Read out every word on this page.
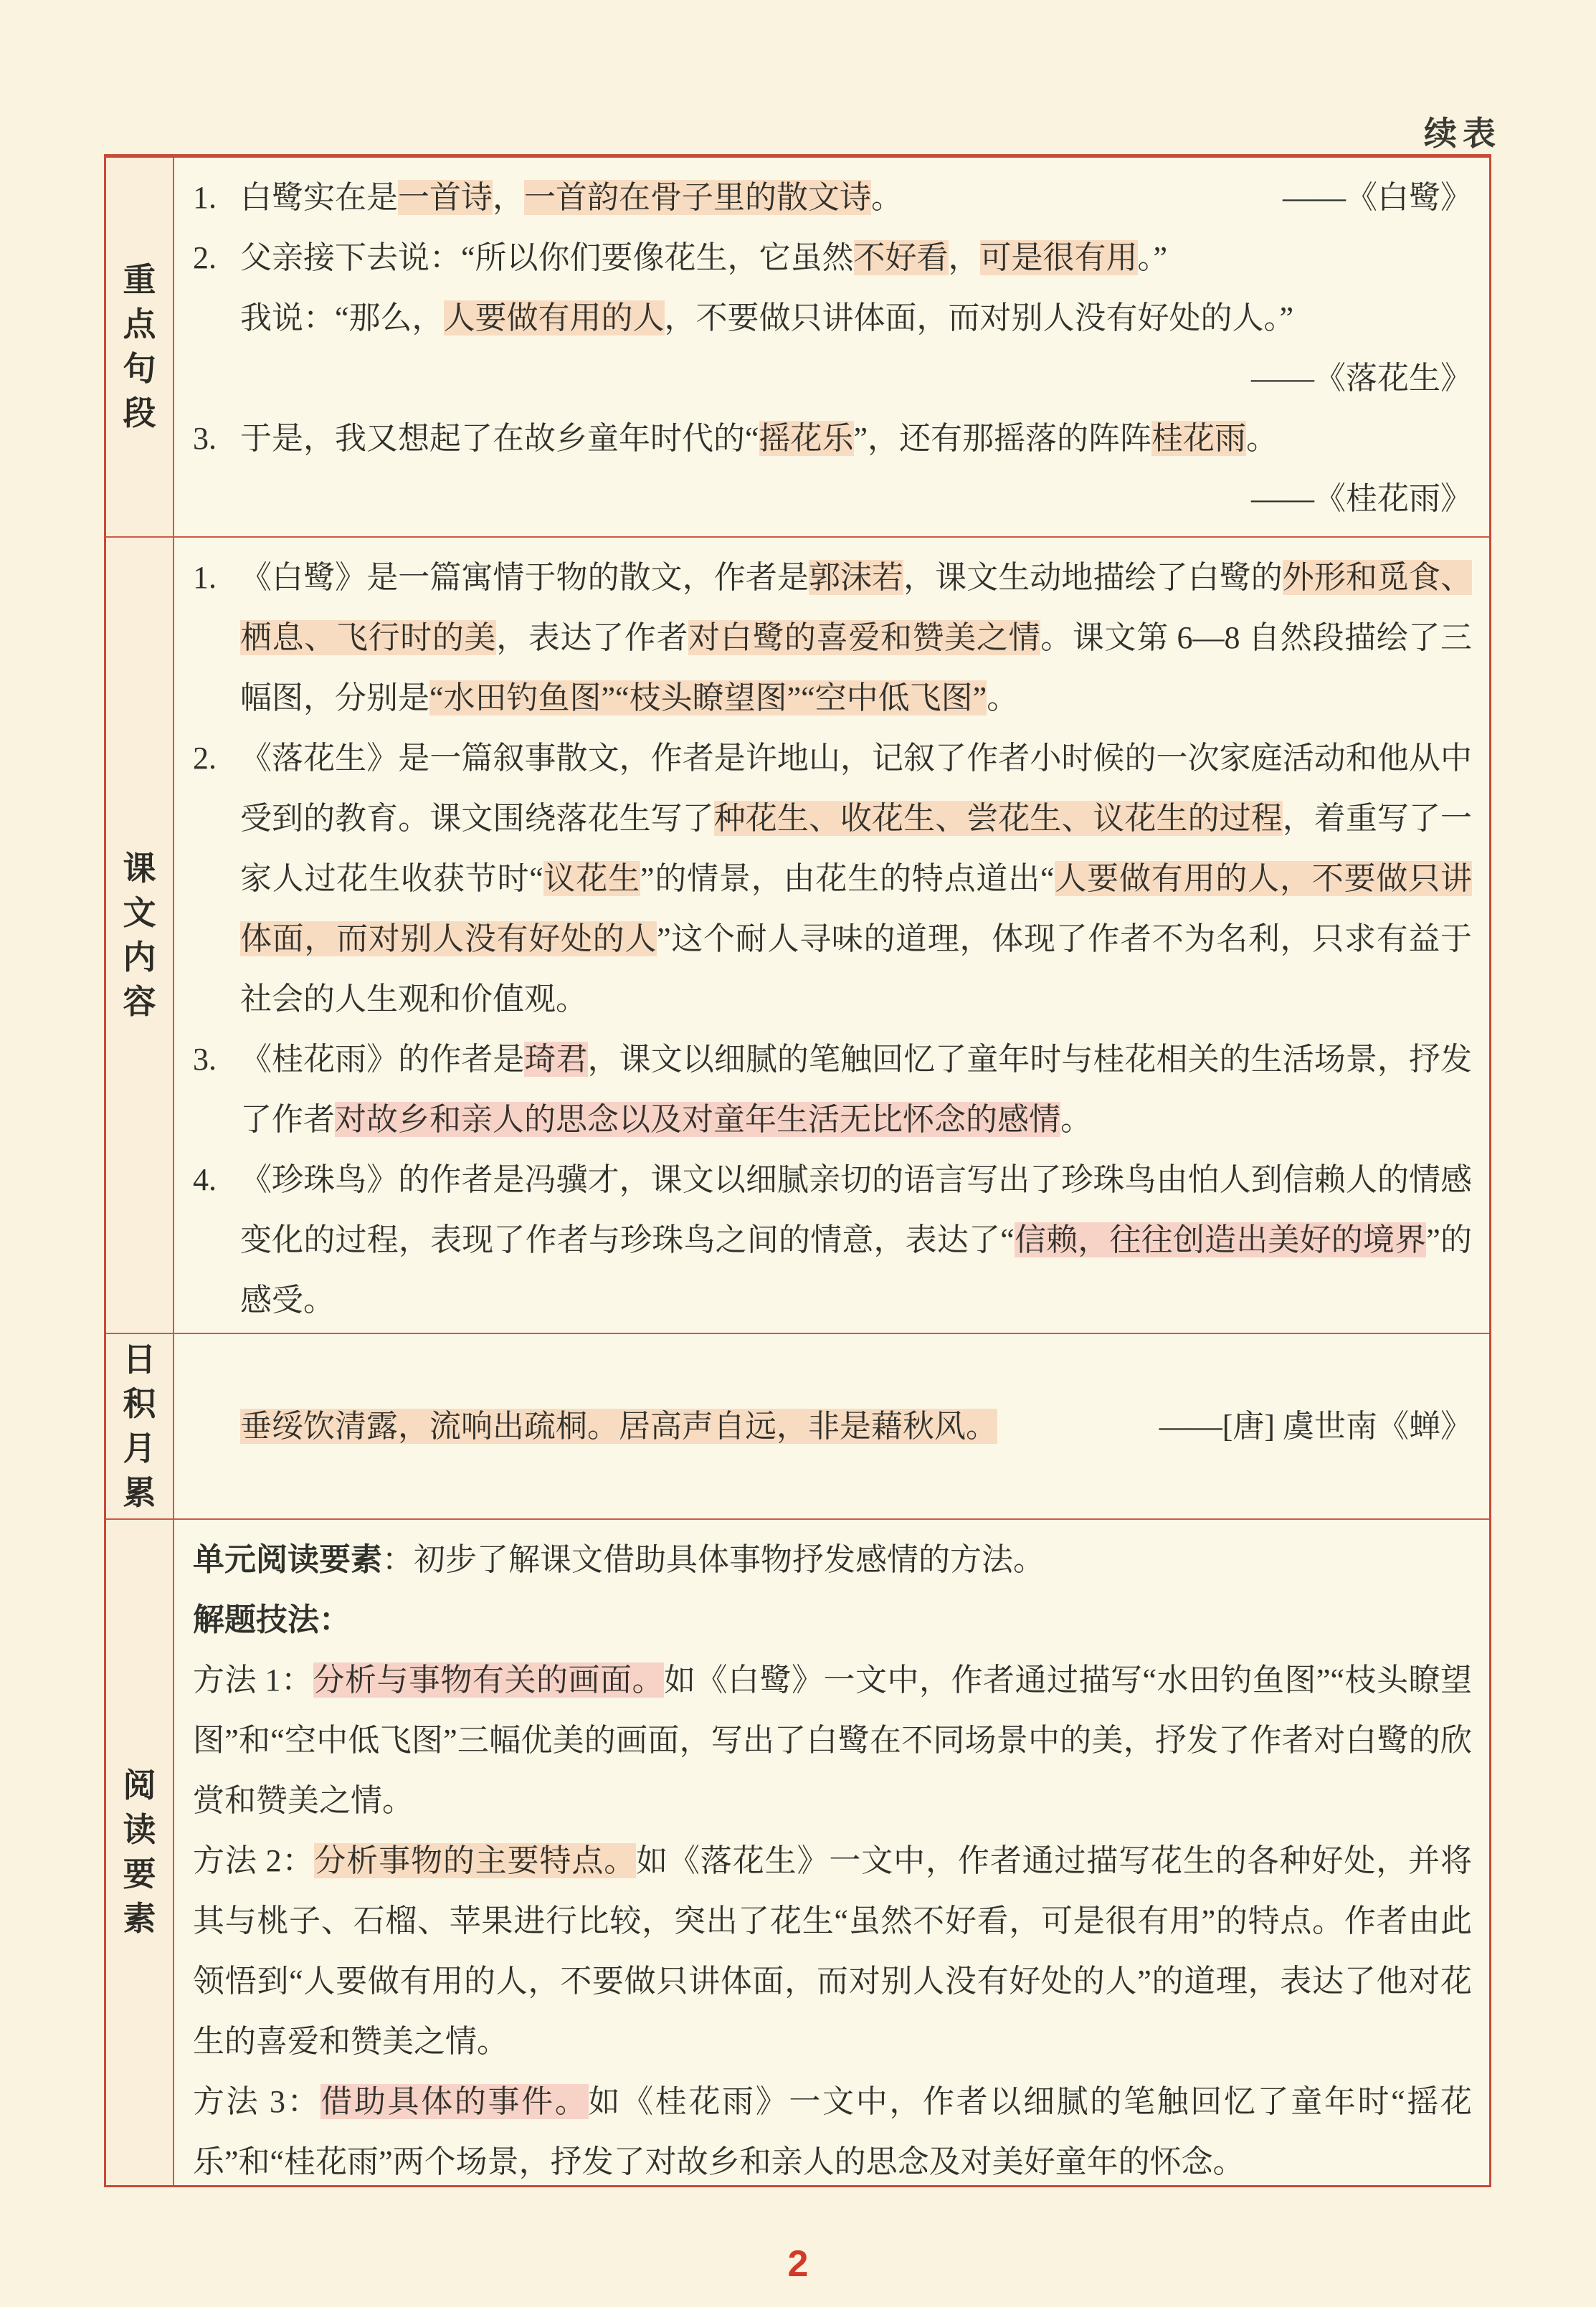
续表
重
点
句
段
——《白鹭》
1. 白鹭实在是一首诗，一首韵在骨子里的散文诗。
2. 父亲接下去说：“所以你们要像花生，它虽然不好看，可是很有用。”
我说：“那么，人要做有用的人，不要做只讲体面，而对别人没有好处的人。”
——《落花生》
3. 于是，我又想起了在故乡童年时代的“摇花乐”，还有那摇落的阵阵桂花雨。
——《桂花雨》
课
文
内
容
1. 《白鹭》是一篇寓情于物的散文，作者是郭沫若，课文生动地描绘了白鹭的外形和觅食、栖息、飞行时的美，表达了作者对白鹭的喜爱和赞美之情。课文第 6—8 自然段描绘了三幅图，分别是“水田钓鱼图”“枝头瞭望图”“空中低飞图”。
2. 《落花生》是一篇叙事散文，作者是许地山，记叙了作者小时候的一次家庭活动和他从中受到的教育。课文围绕落花生写了种花生、收花生、尝花生、议花生的过程，着重写了一家人过花生收获节时“议花生”的情景，由花生的特点道出“人要做有用的人，不要做只讲体面，而对别人没有好处的人”这个耐人寻味的道理，体现了作者不为名利，只求有益于社会的人生观和价值观。
3. 《桂花雨》的作者是琦君，课文以细腻的笔触回忆了童年时与桂花相关的生活场景，抒发了作者对故乡和亲人的思念以及对童年生活无比怀念的感情。
4. 《珍珠鸟》的作者是冯骥才，课文以细腻亲切的语言写出了珍珠鸟由怕人到信赖人的情感变化的过程，表现了作者与珍珠鸟之间的情意，表达了“信赖，往往创造出美好的境界”的感受。
日
积
月
累
——[唐] 虞世南《蝉》
垂绥饮清露，流响出疏桐。居高声自远，非是藉秋风。
阅
读
要
素
单元阅读要素：初步了解课文借助具体事物抒发感情的方法。
解题技法：
方法 1：分析与事物有关的画面。如《白鹭》一文中，作者通过描写“水田钓鱼图”“枝头瞭望图”和“空中低飞图”三幅优美的画面，写出了白鹭在不同场景中的美，抒发了作者对白鹭的欣赏和赞美之情。
方法 2：分析事物的主要特点。如《落花生》一文中，作者通过描写花生的各种好处，并将其与桃子、石榴、苹果进行比较，突出了花生“虽然不好看，可是很有用”的特点。作者由此领悟到“人要做有用的人，不要做只讲体面，而对别人没有好处的人”的道理，表达了他对花生的喜爱和赞美之情。
方法 3：借助具体的事件。如《桂花雨》一文中，作者以细腻的笔触回忆了童年时“摇花乐”和“桂花雨”两个场景，抒发了对故乡和亲人的思念及对美好童年的怀念。
2
